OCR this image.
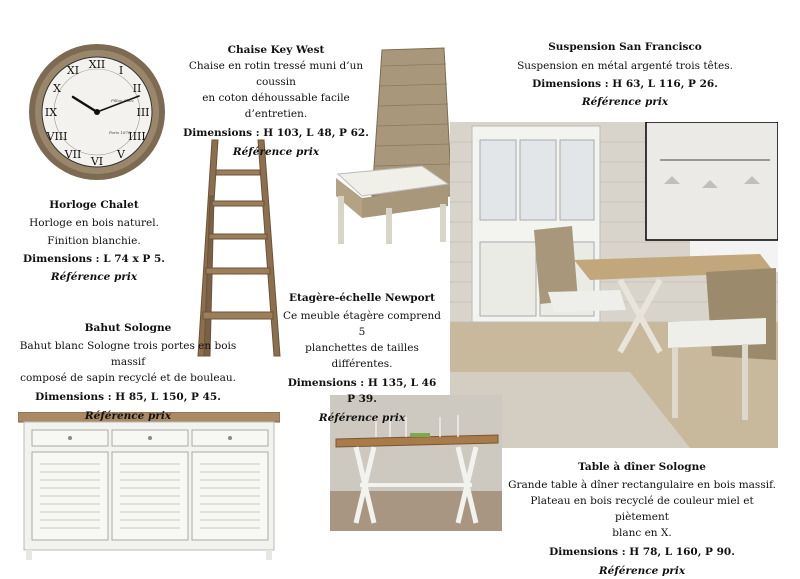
XII I
II
III
IIII
V
VI
VII
VIII
IX
X
XI
Pillon Chez
Paris 1870
Chaise Key West
Chaise en rotin tressé muni d’un coussin
en coton déhoussable facile d’entretien.
Dimensions : H 103, L 48, P 62.
Référence prix
Suspension San Francisco
Suspension en métal argenté trois têtes.
Dimensions : H 63, L 116, P 26.
Référence prix
Horloge Chalet
Horloge en bois naturel.
Finition blanchie.
Dimensions : L 74 x P 5.
Référence prix
Etagère-échelle Newport
Ce meuble étagère comprend 5
planchettes de tailles différentes.
Dimensions : H 135, L 46 P 39.
Référence prix
Bahut Sologne
Bahut blanc Sologne trois portes en bois massif
composé de sapin recyclé et de bouleau.
Dimensions : H 85, L 150, P 45.
Référence prix
Table à dîner Sologne
Grande table à dîner rectangulaire en bois massif.
Plateau en bois recyclé de couleur miel et piètement
blanc en X.
Dimensions : H 78, L 160, P 90.
Référence prix
